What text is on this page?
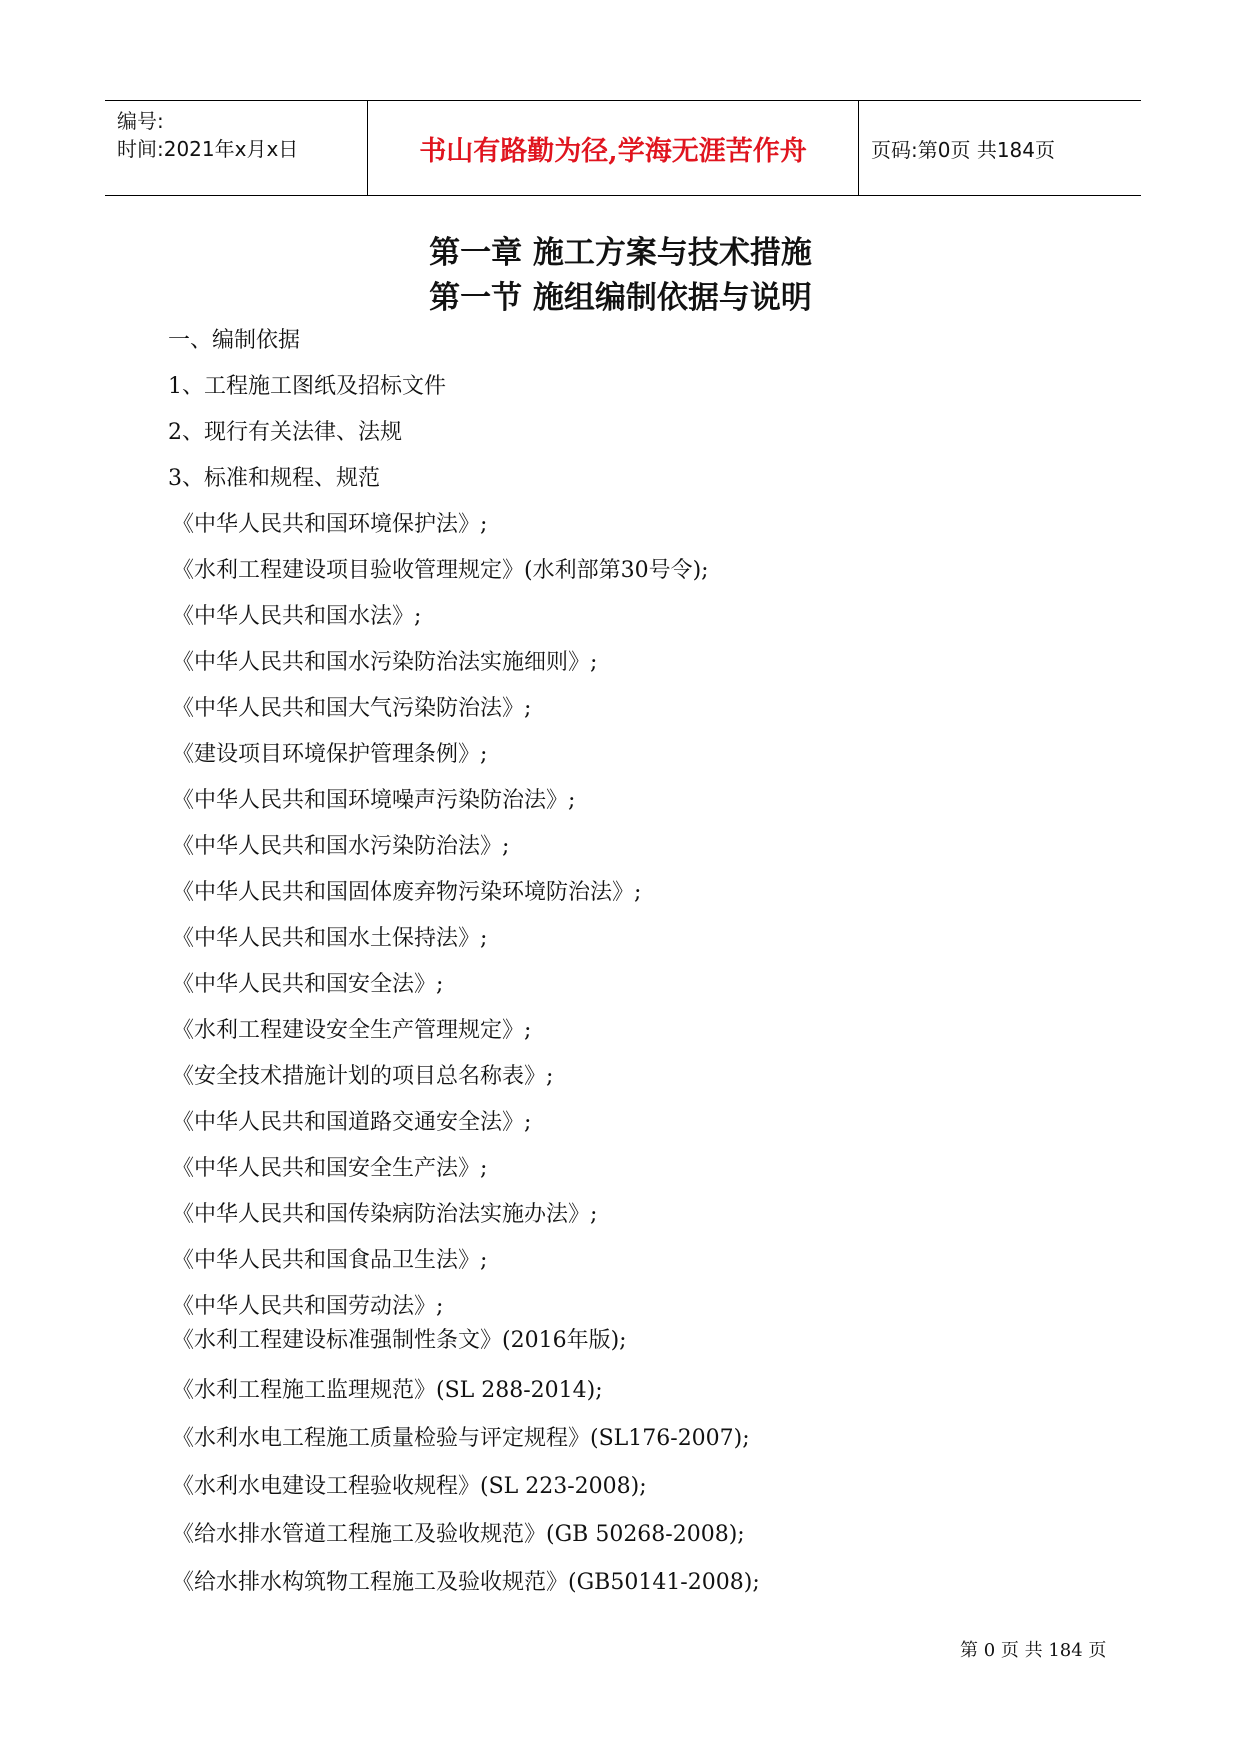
编号:
时间:2021年x月x日	书山有路勤为径,学海无涯苦作舟	页码:第0页 共184页
第一章 施工方案与技术措施
第一节 施组编制依据与说明
一、编制依据
1、工程施工图纸及招标文件
2、现行有关法律、法规
3、标准和规程、规范
《中华人民共和国环境保护法》;
《水利工程建设项目验收管理规定》(水利部第30号令);
《中华人民共和国水法》;
《中华人民共和国水污染防治法实施细则》;
《中华人民共和国大气污染防治法》;
《建设项目环境保护管理条例》;
《中华人民共和国环境噪声污染防治法》;
《中华人民共和国水污染防治法》;
《中华人民共和国固体废弃物污染环境防治法》;
《中华人民共和国水土保持法》;
《中华人民共和国安全法》;
《水利工程建设安全生产管理规定》;
《安全技术措施计划的项目总名称表》;
《中华人民共和国道路交通安全法》;
《中华人民共和国安全生产法》;
《中华人民共和国传染病防治法实施办法》;
《中华人民共和国食品卫生法》;
《中华人民共和国劳动法》;
《水利工程建设标准强制性条文》(2016年版);
《水利工程施工监理规范》(SL 288-2014);
《水利水电工程施工质量检验与评定规程》(SL176-2007);
《水利水电建设工程验收规程》(SL 223-2008);
《给水排水管道工程施工及验收规范》(GB 50268-2008);
《给水排水构筑物工程施工及验收规范》(GB50141-2008);
第 0 页 共 184 页
